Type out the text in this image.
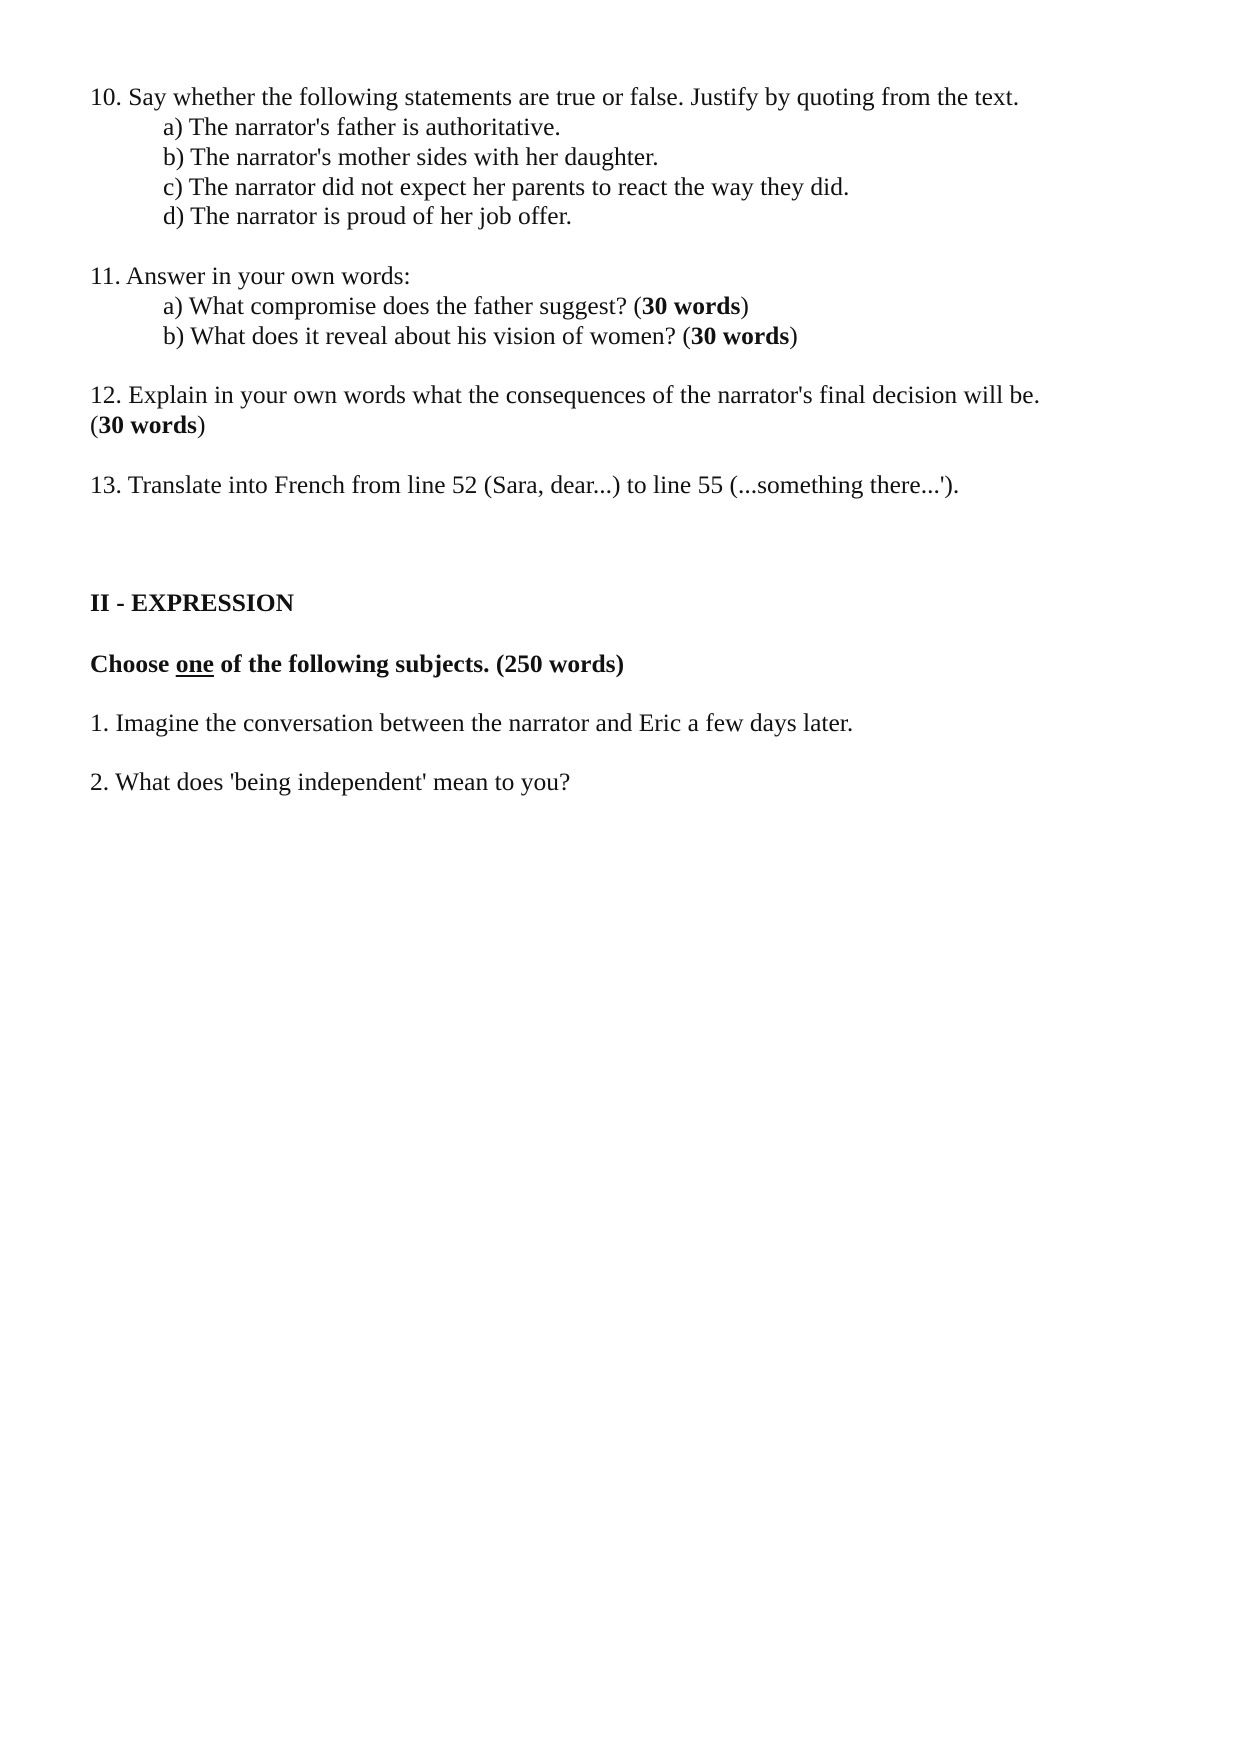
10. Say whether the following statements are true or false. Justify by quoting from the text.
a) The narrator's father is authoritative.
b) The narrator's mother sides with her daughter.
c) The narrator did not expect her parents to react the way they did.
d) The narrator is proud of her job offer.
11. Answer in your own words:
a) What compromise does the father suggest? (30 words)
b) What does it reveal about his vision of women? (30 words)
12. Explain in your own words what the consequences of the narrator's final decision will be.
(30 words)
13. Translate into French from line 52 (Sara, dear...) to line 55 (...something there...').
II - EXPRESSION
Choose one of the following subjects. (250 words)
1. Imagine the conversation between the narrator and Eric a few days later.
2. What does 'being independent' mean to you?
